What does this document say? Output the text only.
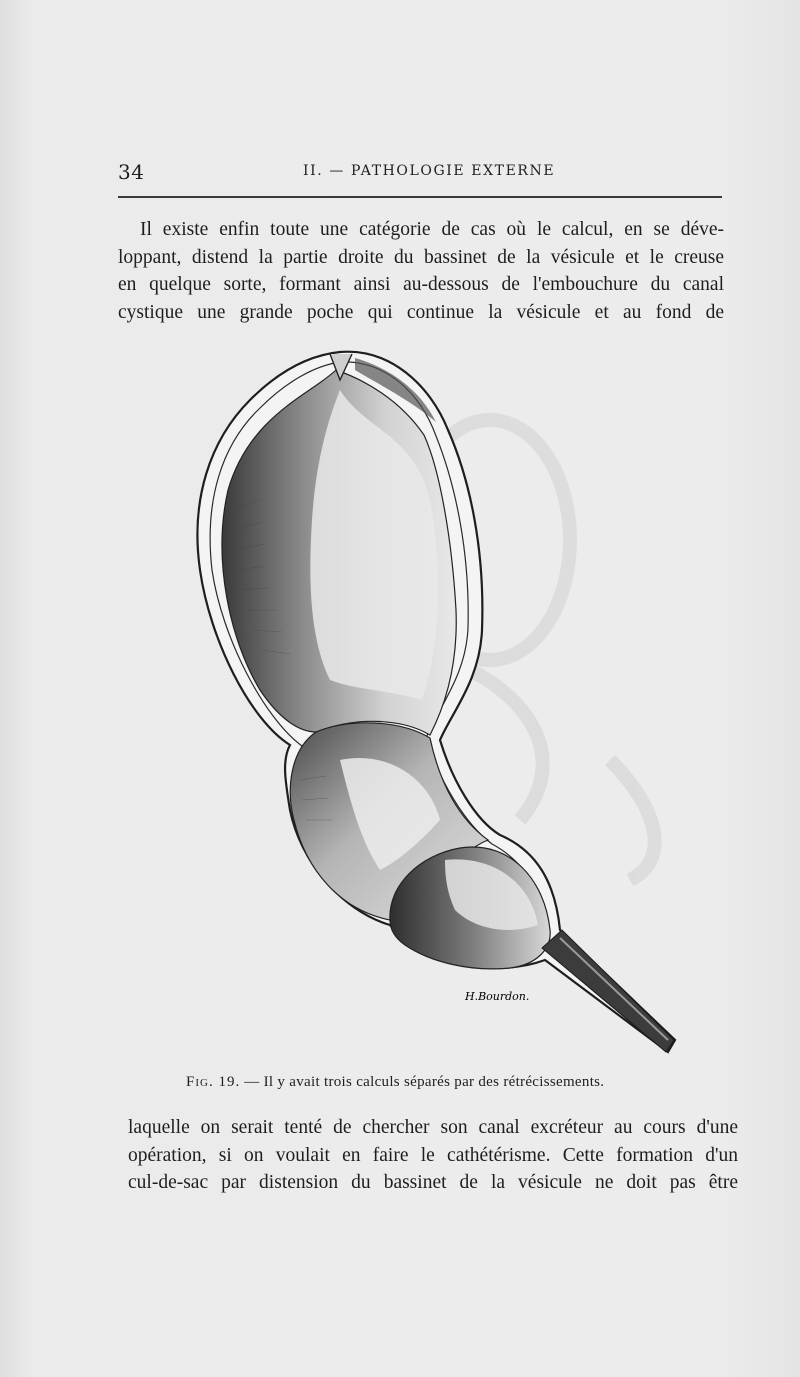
34	II. — PATHOLOGIE EXTERNE
Il existe enfin toute une catégorie de cas où le calcul, en se déve-
loppant, distend la partie droite du bassinet de la vésicule et le creuse
en quelque sorte, formant ainsi au-dessous de l'embouchure du canal
cystique une grande poche qui continue la vésicule et au fond de
H.Bourdon.
Fig. 19. — Il y avait trois calculs séparés par des rétrécissements.
laquelle on serait tenté de chercher son canal excréteur au cours d'une
opération, si on voulait en faire le cathétérisme. Cette formation d'un
cul-de-sac par distension du bassinet de la vésicule ne doit pas être
